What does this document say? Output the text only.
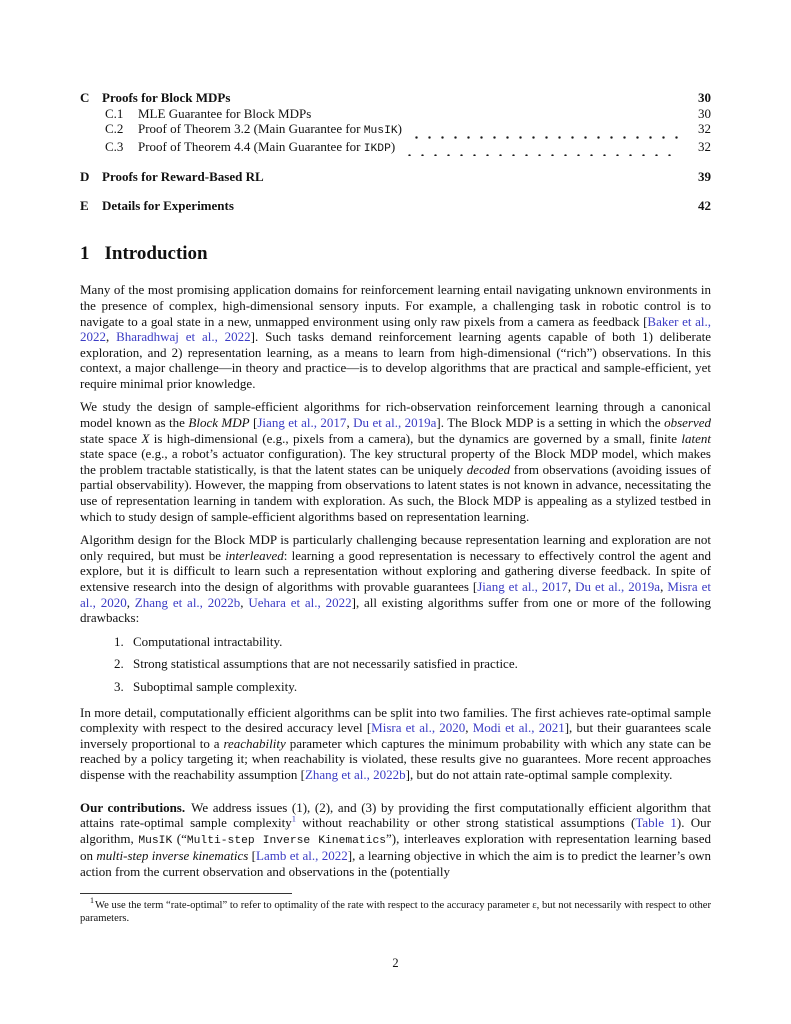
C Proofs for Block MDPs	30
C.1	MLE Guarantee for Block MDPs	30
C.2	Proof of Theorem 3.2 (Main Guarantee for MusIK)	32
C.3	Proof of Theorem 4.4 (Main Guarantee for IKDP)	32
D Proofs for Reward-Based RL	39
E	Details for Experiments	42
1 Introduction

Many of the most promising application domains for reinforcement learning entail navigating unknown environments in the presence of complex, high-dimensional sensory inputs. For example, a challenging task in robotic control is to navigate to a goal state in a new, unmapped environment using only raw pixels from a camera as feedback [Baker et al., 2022, Bharadhwaj et al., 2022]. Such tasks demand reinforcement learning agents capable of both 1) deliberate exploration, and 2) representation learning, as a means to learn from high-dimensional (“rich”) observations. In this context, a major challenge—in theory and practice—is to develop algorithms that are practical and sample-efficient, yet require minimal prior knowledge.

We study the design of sample-efficient algorithms for rich-observation reinforcement learning through a canonical model known as the Block MDP [Jiang et al., 2017, Du et al., 2019a]. The Block MDP is a setting in which the observed state space X is high-dimensional (e.g., pixels from a camera), but the dynamics are governed by a small, finite latent state space (e.g., a robot’s actuator configuration). The key structural property of the Block MDP model, which makes the problem tractable statistically, is that the latent states can be uniquely decoded from observations (avoiding issues of partial observability). However, the mapping from observations to latent states is not known in advance, necessitating the use of representation learning in tandem with exploration. As such, the Block MDP is appealing as a stylized testbed in which to study design of sample-efficient algorithms based on representation learning.

Algorithm design for the Block MDP is particularly challenging because representation learning and exploration are not only required, but must be interleaved: learning a good representation is necessary to effectively control the agent and explore, but it is difficult to learn such a representation without exploring and gathering diverse feedback. In spite of extensive research into the design of algorithms with provable guarantees [Jiang et al., 2017, Du et al., 2019a, Misra et al., 2020, Zhang et al., 2022b, Uehara et al., 2022], all existing algorithms suffer from one or more of the following drawbacks:

1. Computational intractability.
2. Strong statistical assumptions that are not necessarily satisfied in practice.
3. Suboptimal sample complexity.

In more detail, computationally efficient algorithms can be split into two families. The first achieves rate-optimal sample complexity with respect to the desired accuracy level [Misra et al., 2020, Modi et al., 2021], but their guarantees scale inversely proportional to a reachability parameter which captures the minimum probability with which any state can be reached by a policy targeting it; when reachability is violated, these results give no guarantees. More recent approaches dispense with the reachability assumption [Zhang et al., 2022b], but do not attain rate-optimal sample complexity.

Our contributions. We address issues (1), (2), and (3) by providing the first computationally efficient algorithm that attains rate-optimal sample complexity$^1$ without reachability or other strong statistical assumptions (Table 1). Our algorithm, MusIK (“Multi-step Inverse Kinematics”), interleaves exploration with representation learning based on multi-step inverse kinematics [Lamb et al., 2022], a learning objective in which the aim is to predict the learner’s own action from the current observation and observations in the (potentially

$^1$We use the term “rate-optimal” to refer to optimality of the rate with respect to the accuracy parameter ε, but not necessarily with respect to other parameters.
2
